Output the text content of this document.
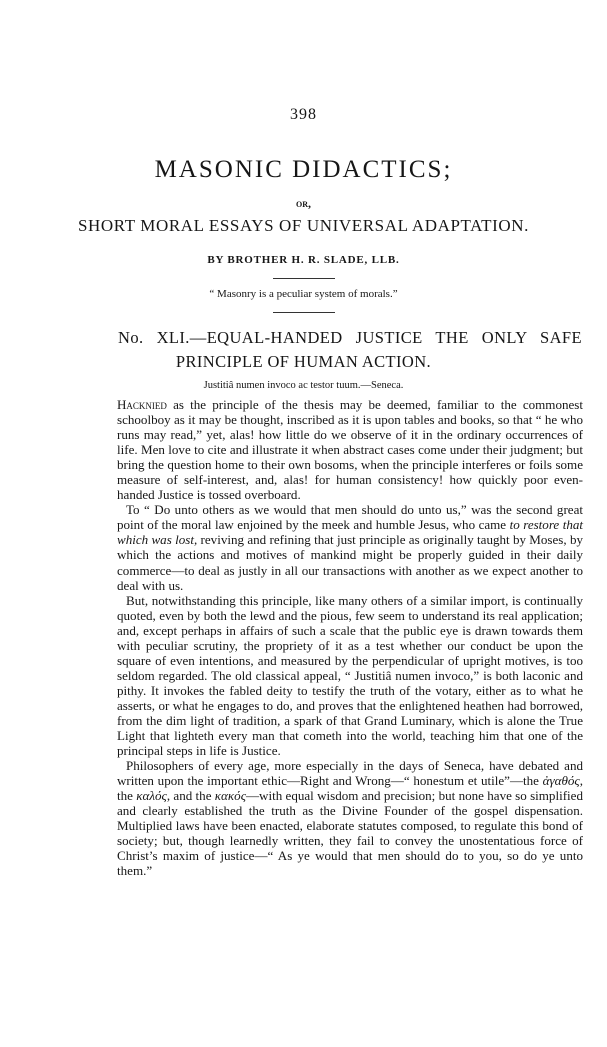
398
MASONIC DIDACTICS;
or,
SHORT MORAL ESSAYS OF UNIVERSAL ADAPTATION.
BY BROTHER H. R. SLADE, LLB.
“ Masonry is a peculiar system of morals.”
No. XLI.—EQUAL-HANDED JUSTICE THE ONLY SAFE
PRINCIPLE OF HUMAN ACTION.
Justitiâ numen invoco ac testor tuum.—Seneca.

Hacknied as the principle of the thesis may be deemed, familiar to the commonest schoolboy as it may be thought, inscribed as it is upon tables and books, so that “ he who runs may read,” yet, alas! how little do we observe of it in the ordinary occurrences of life. Men love to cite and illustrate it when abstract cases come under their judgment; but bring the question home to their own bosoms, when the principle interferes or foils some measure of self-interest, and, alas! for human consistency! how quickly poor even-handed Justice is tossed overboard.

To “ Do unto others as we would that men should do unto us,” was the second great point of the moral law enjoined by the meek and humble Jesus, who came to restore that which was lost, reviving and refining that just principle as originally taught by Moses, by which the actions and motives of mankind might be properly guided in their daily commerce—to deal as justly in all our transactions with another as we expect another to deal with us.

But, notwithstanding this principle, like many others of a similar import, is continually quoted, even by both the lewd and the pious, few seem to understand its real application; and, except perhaps in affairs of such a scale that the public eye is drawn towards them with peculiar scrutiny, the propriety of it as a test whether our conduct be upon the square of even intentions, and measured by the perpendicular of upright motives, is too seldom regarded. The old classical appeal, “ Justitiâ numen invoco,” is both laconic and pithy. It invokes the fabled deity to testify the truth of the votary, either as to what he asserts, or what he engages to do, and proves that the enlightened heathen had borrowed, from the dim light of tradition, a spark of that Grand Luminary, which is alone the True Light that lighteth every man that cometh into the world, teaching him that one of the principal steps in life is Justice.

Philosophers of every age, more especially in the days of Seneca, have debated and written upon the important ethic—Right and Wrong—“ honestum et utile”—the ἀγαθός, the καλός, and the κακός—with equal wisdom and precision; but none have so simplified and clearly established the truth as the Divine Founder of the gospel dispensation. Multiplied laws have been enacted, elaborate statutes composed, to regulate this bond of society; but, though learnedly written, they fail to convey the unostentatious force of Christ’s maxim of justice—“ As ye would that men should do to you, so do ye unto them.”
